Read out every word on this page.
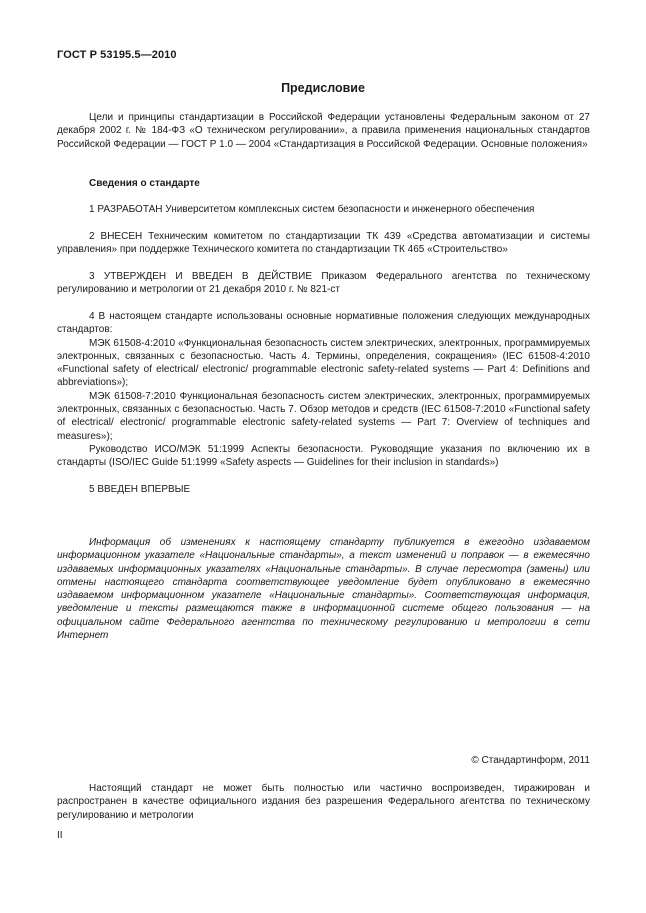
ГОСТ Р 53195.5—2010
Предисловие

Цели и принципы стандартизации в Российской Федерации установлены Федеральным законом от 27 декабря 2002 г. № 184-ФЗ «О техническом регулировании», а правила применения национальных стандартов Российской Федерации — ГОСТ Р 1.0 — 2004 «Стандартизация в Российской Федерации. Основные положения»

Сведения о стандарте

1 РАЗРАБОТАН Университетом комплексных систем безопасности и инженерного обеспечения

2 ВНЕСЕН Техническим комитетом по стандартизации ТК 439 «Средства автоматизации и системы управления» при поддержке Технического комитета по стандартизации ТК 465 «Строительство»

3 УТВЕРЖДЕН И ВВЕДЕН В ДЕЙСТВИЕ Приказом Федерального агентства по техническому регулированию и метрологии от 21 декабря 2010 г. № 821-ст

4 В настоящем стандарте использованы основные нормативные положения следующих международных стандартов:

МЭК 61508-4:2010 «Функциональная безопасность систем электрических, электронных, программируемых электронных, связанных с безопасностью. Часть 4. Термины, определения, сокращения» (IEC 61508-4:2010 «Functional safety of electrical/ electronic/ programmable electronic safety-related systems — Part 4: Definitions and abbreviations»);

МЭК 61508-7:2010 Функциональная безопасность систем электрических, электронных, программируемых электронных, связанных с безопасностью. Часть 7. Обзор методов и средств (IEC 61508-7:2010 «Functional safety of electrical/ electronic/ programmable electronic safety-related systems — Part 7: Overview of techniques and measures»);

Руководство ИСО/МЭК 51:1999 Аспекты безопасности. Руководящие указания по включению их в стандарты (ISO/IEC Guide 51:1999 «Safety aspects — Guidelines for their inclusion in standards»)

5 ВВЕДЕН ВПЕРВЫЕ

Информация об изменениях к настоящему стандарту публикуется в ежегодно издаваемом информационном указателе «Национальные стандарты», а текст изменений и поправок — в ежемесячно издаваемых информационных указателях «Национальные стандарты». В случае пересмотра (замены) или отмены настоящего стандарта соответствующее уведомление будет опубликовано в ежемесячно издаваемом информационном указателе «Национальные стандарты». Соответствующая информация, уведомление и тексты размещаются также в информационной системе общего пользования — на официальном сайте Федерального агентства по техническому регулированию и метрологии в сети Интернет

© Стандартинформ, 2011

Настоящий стандарт не может быть полностью или частично воспроизведен, тиражирован и распространен в качестве официального издания без разрешения Федерального агентства по техническому регулированию и метрологии

II
